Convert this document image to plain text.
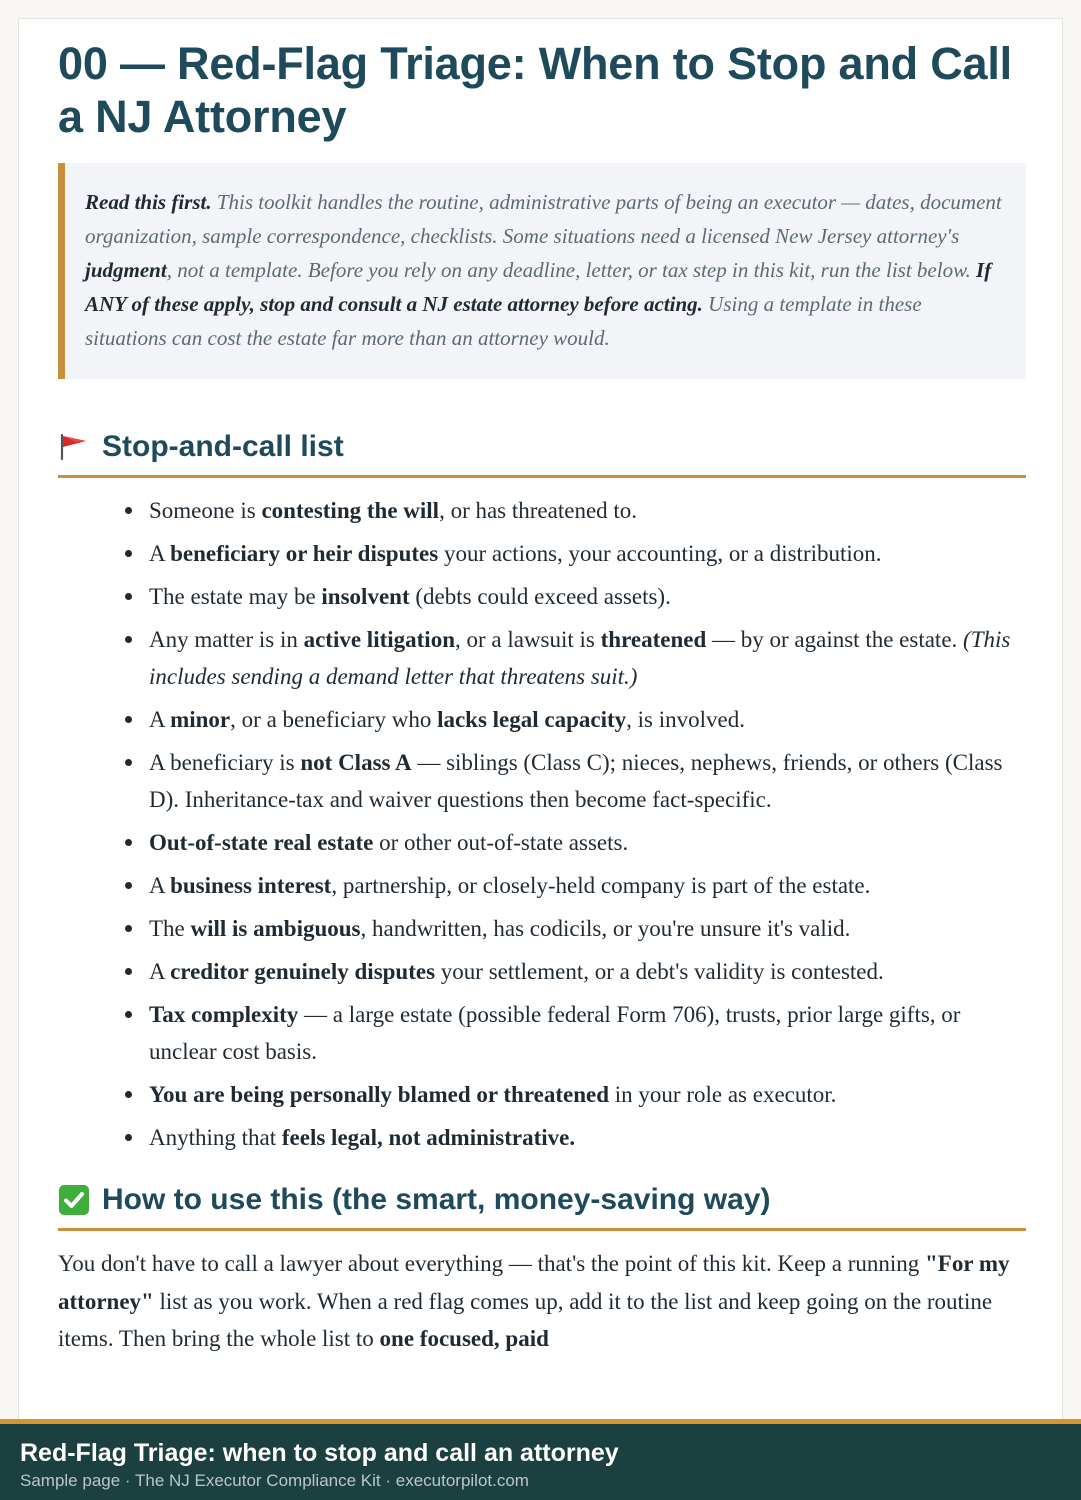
00 — Red-Flag Triage: When to Stop and Call a NJ Attorney
Read this first. This toolkit handles the routine, administrative parts of being an executor — dates, document organization, sample correspondence, checklists. Some situations need a licensed New Jersey attorney's judgment, not a template. Before you rely on any deadline, letter, or tax step in this kit, run the list below. If ANY of these apply, stop and consult a NJ estate attorney before acting. Using a template in these situations can cost the estate far more than an attorney would.
Stop-and-call list
Someone is contesting the will, or has threatened to.
A beneficiary or heir disputes your actions, your accounting, or a distribution.
The estate may be insolvent (debts could exceed assets).
Any matter is in active litigation, or a lawsuit is threatened — by or against the estate. (This includes sending a demand letter that threatens suit.)
A minor, or a beneficiary who lacks legal capacity, is involved.
A beneficiary is not Class A — siblings (Class C); nieces, nephews, friends, or others (Class D). Inheritance-tax and waiver questions then become fact-specific.
Out-of-state real estate or other out-of-state assets.
A business interest, partnership, or closely-held company is part of the estate.
The will is ambiguous, handwritten, has codicils, or you're unsure it's valid.
A creditor genuinely disputes your settlement, or a debt's validity is contested.
Tax complexity — a large estate (possible federal Form 706), trusts, prior large gifts, or unclear cost basis.
You are being personally blamed or threatened in your role as executor.
Anything that feels legal, not administrative.
How to use this (the smart, money-saving way)

You don't have to call a lawyer about everything — that's the point of this kit. Keep a running "For my attorney" list as you work. When a red flag comes up, add it to the list and keep going on the routine items. Then bring the whole list to one focused, paid

Red-Flag Triage: when to stop and call an attorney
Sample page · The NJ Executor Compliance Kit · executorpilot.com
